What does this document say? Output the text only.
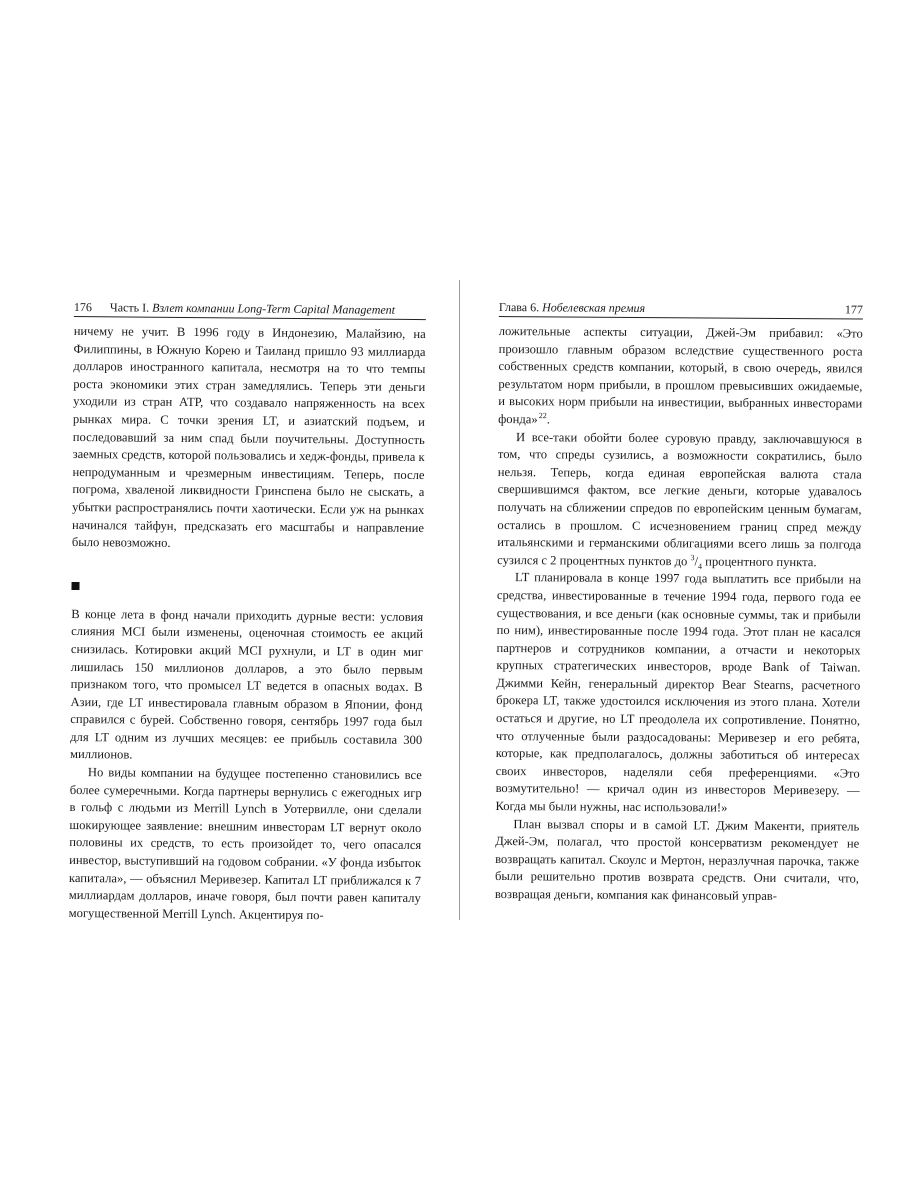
176 Часть I.
Взлет компании
Long-Term Capital Management

ничему не учит. В 1996 году в Индонезию, Малайзию, на Филиппины, в Южную Корею и Таиланд пришло 93 миллиарда долларов иностранного капитала, несмотря на то что темпы роста экономики этих стран замедлялись. Теперь эти деньги уходили из стран АТР, что создавало напряженность на всех рынках мира. С точки зрения LT, и азиатский подъем, и последовавший за ним спад были поучительны. Доступность заемных средств, которой пользовались и хедж-фонды, привела к непродуманным и чрезмерным инвестициям. Теперь, после погрома, хваленой ликвидности Гринспена было не сыскать, а убытки распространялись почти хаотически. Если уж на рынках начинался тайфун, предсказать его масштабы и направление было невозможно.

В конце лета в фонд начали приходить дурные вести: условия слияния MCI были изменены, оценочная стоимость ее акций снизилась. Котировки акций MCI рухнули, и LT в один миг лишилась 150 миллионов долларов, а это было первым признаком того, что промысел LT ведется в опасных водах. В Азии, где LT инвестировала главным образом в Японии, фонд справился с бурей. Собственно говоря, сентябрь 1997 года был для LT одним из лучших месяцев: ее прибыль составила 300 миллионов.

Но виды компании на будущее постепенно становились все более сумеречными. Когда партнеры вернулись с ежегодных игр в гольф с людьми из Merrill Lynch в Уотервилле, они сделали шокирующее заявление: внешним инвесторам LT вернут около половины их средств, то есть произойдет то, чего опасался инвестор, выступивший на годовом собрании. «У фонда избыток капитала», — объяснил Меривезер. Капитал LT приближался к 7 миллиардам долларов, иначе говоря, был почти равен капиталу могущественной Merrill Lynch. Акцентируя по-

Глава 6. Нобелевская премия	177

ложительные аспекты ситуации, Джей-Эм прибавил: «Это произошло главным образом вследствие существенного роста собственных средств компании, который, в свою очередь, явился результатом норм прибыли, в прошлом превысивших ожидаемые, и высоких норм прибыли на инвестиции, выбранных инвесторами фонда» $^{22}$.

И все-таки обойти более суровую правду, заключавшуюся в том, что спреды сузились, а возможности сократились, было нельзя. Теперь, когда единая европейская валюта стала свершившимся фактом, все легкие деньги, которые удавалось получать на сближении спредов по европейским ценным бумагам, остались в прошлом. С исчезновением границ спред между итальянскими и германскими облигациями всего лишь за полгода сузился с 2 процентных пунктов до $^3/_4$ процентного пункта.

LT планировала в конце 1997 года выплатить все прибыли на средства, инвестированные в течение 1994 года, первого года ее существования, и все деньги (как основные суммы, так и прибыли по ним), инвестированные после 1994 года. Этот план не касался партнеров и сотрудников компании, а отчасти и некоторых крупных стратегических инвесторов, вроде Bank of Taiwan. Джимми Кейн, генеральный директор Bear Stearns, расчетного брокера LT, также удостоился исключения из этого плана. Хотели остаться и другие, но LT преодолела их сопротивление. Понятно, что отлученные были раздосадованы: Меривезер и его ребята, которые, как предполагалось, должны заботиться об интересах своих инвесторов, наделяли себя преференциями. «Это возмутительно! — кричал один из инвесторов Меривезеру. — Когда мы были нужны, нас использовали!»

План вызвал споры и в самой LT. Джим Макенти, приятель Джей-Эм, полагал, что простой консерватизм рекомендует не возвращать капитал. Скоулс и Мертон, неразлучная парочка, также были решительно против возврата средств. Они считали, что, возвращая деньги, компания как финансовый управ-
